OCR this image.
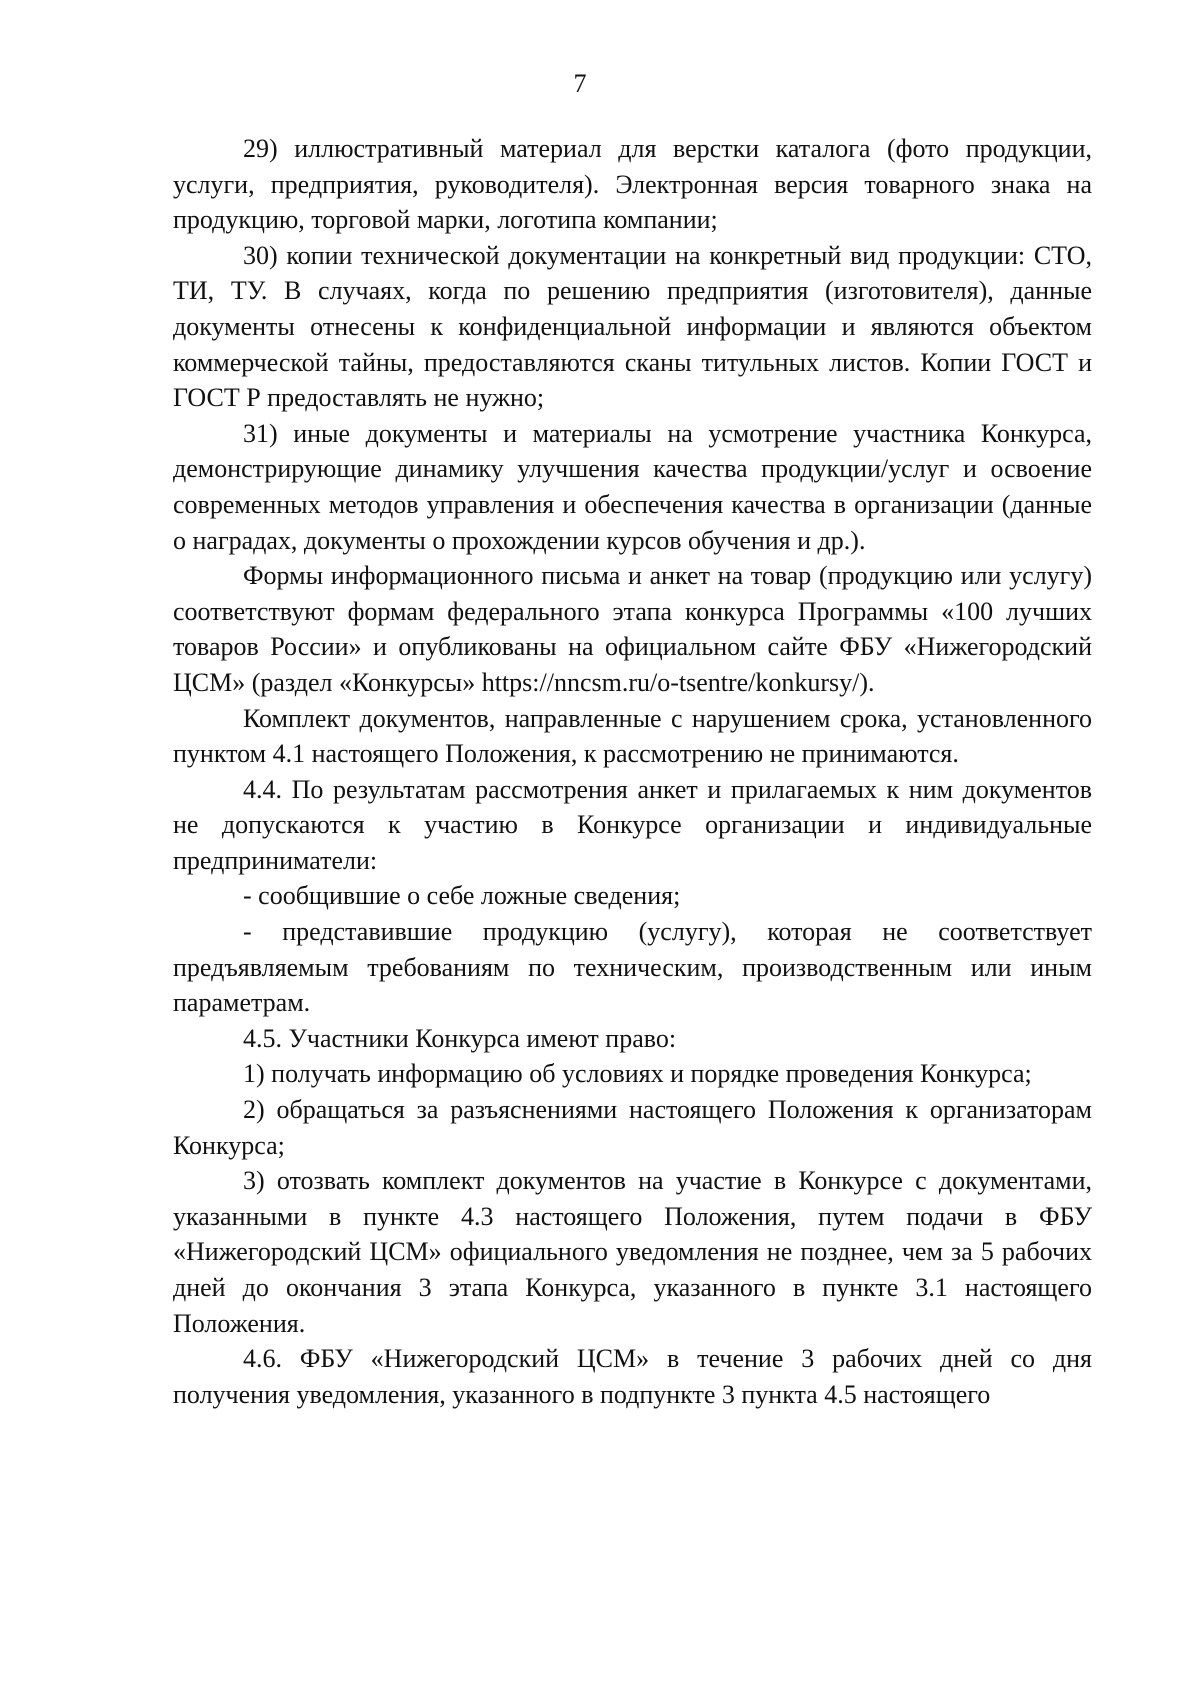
7

29) иллюстративный материал для верстки каталога (фото продукции, услуги, предприятия, руководителя). Электронная версия товарного знака на продукцию, торговой марки, логотипа компании;

30) копии технической документации на конкретный вид продукции: СТО, ТИ, ТУ. В случаях, когда по решению предприятия (изготовителя), данные документы отнесены к конфиденциальной информации и являются объектом коммерческой тайны, предоставляются сканы титульных листов. Копии ГОСТ и ГОСТ Р предоставлять не нужно;

31) иные документы и материалы на усмотрение участника Конкурса, демонстрирующие динамику улучшения качества продукции/услуг и освоение современных методов управления и обеспечения качества в организации (данные о наградах, документы о прохождении курсов обучения и др.).

Формы информационного письма и анкет на товар (продукцию или услугу) соответствуют формам федерального этапа конкурса Программы «100 лучших товаров России» и опубликованы на официальном сайте ФБУ «Нижегородский ЦСМ» (раздел «Конкурсы» https://nncsm.ru/o-tsentre/konkursy/).

Комплект документов, направленные с нарушением срока, установленного пунктом 4.1 настоящего Положения, к рассмотрению не принимаются.

4.4. По результатам рассмотрения анкет и прилагаемых к ним документов не допускаются к участию в Конкурсе организации и индивидуальные предприниматели:

- сообщившие о себе ложные сведения;

- представившие продукцию (услугу), которая не соответствует предъявляемым требованиям по техническим, производственным или иным параметрам.

4.5. Участники Конкурса имеют право:

1) получать информацию об условиях и порядке проведения Конкурса;

2) обращаться за разъяснениями настоящего Положения к организаторам Конкурса;

3) отозвать комплект документов на участие в Конкурсе с документами, указанными в пункте 4.3 настоящего Положения, путем подачи в ФБУ «Нижегородский ЦСМ» официального уведомления не позднее, чем за 5 рабочих дней до окончания 3 этапа Конкурса, указанного в пункте 3.1 настоящего Положения.

4.6. ФБУ «Нижегородский ЦСМ» в течение 3 рабочих дней со дня получения уведомления, указанного в подпункте 3 пункта 4.5 настоящего
